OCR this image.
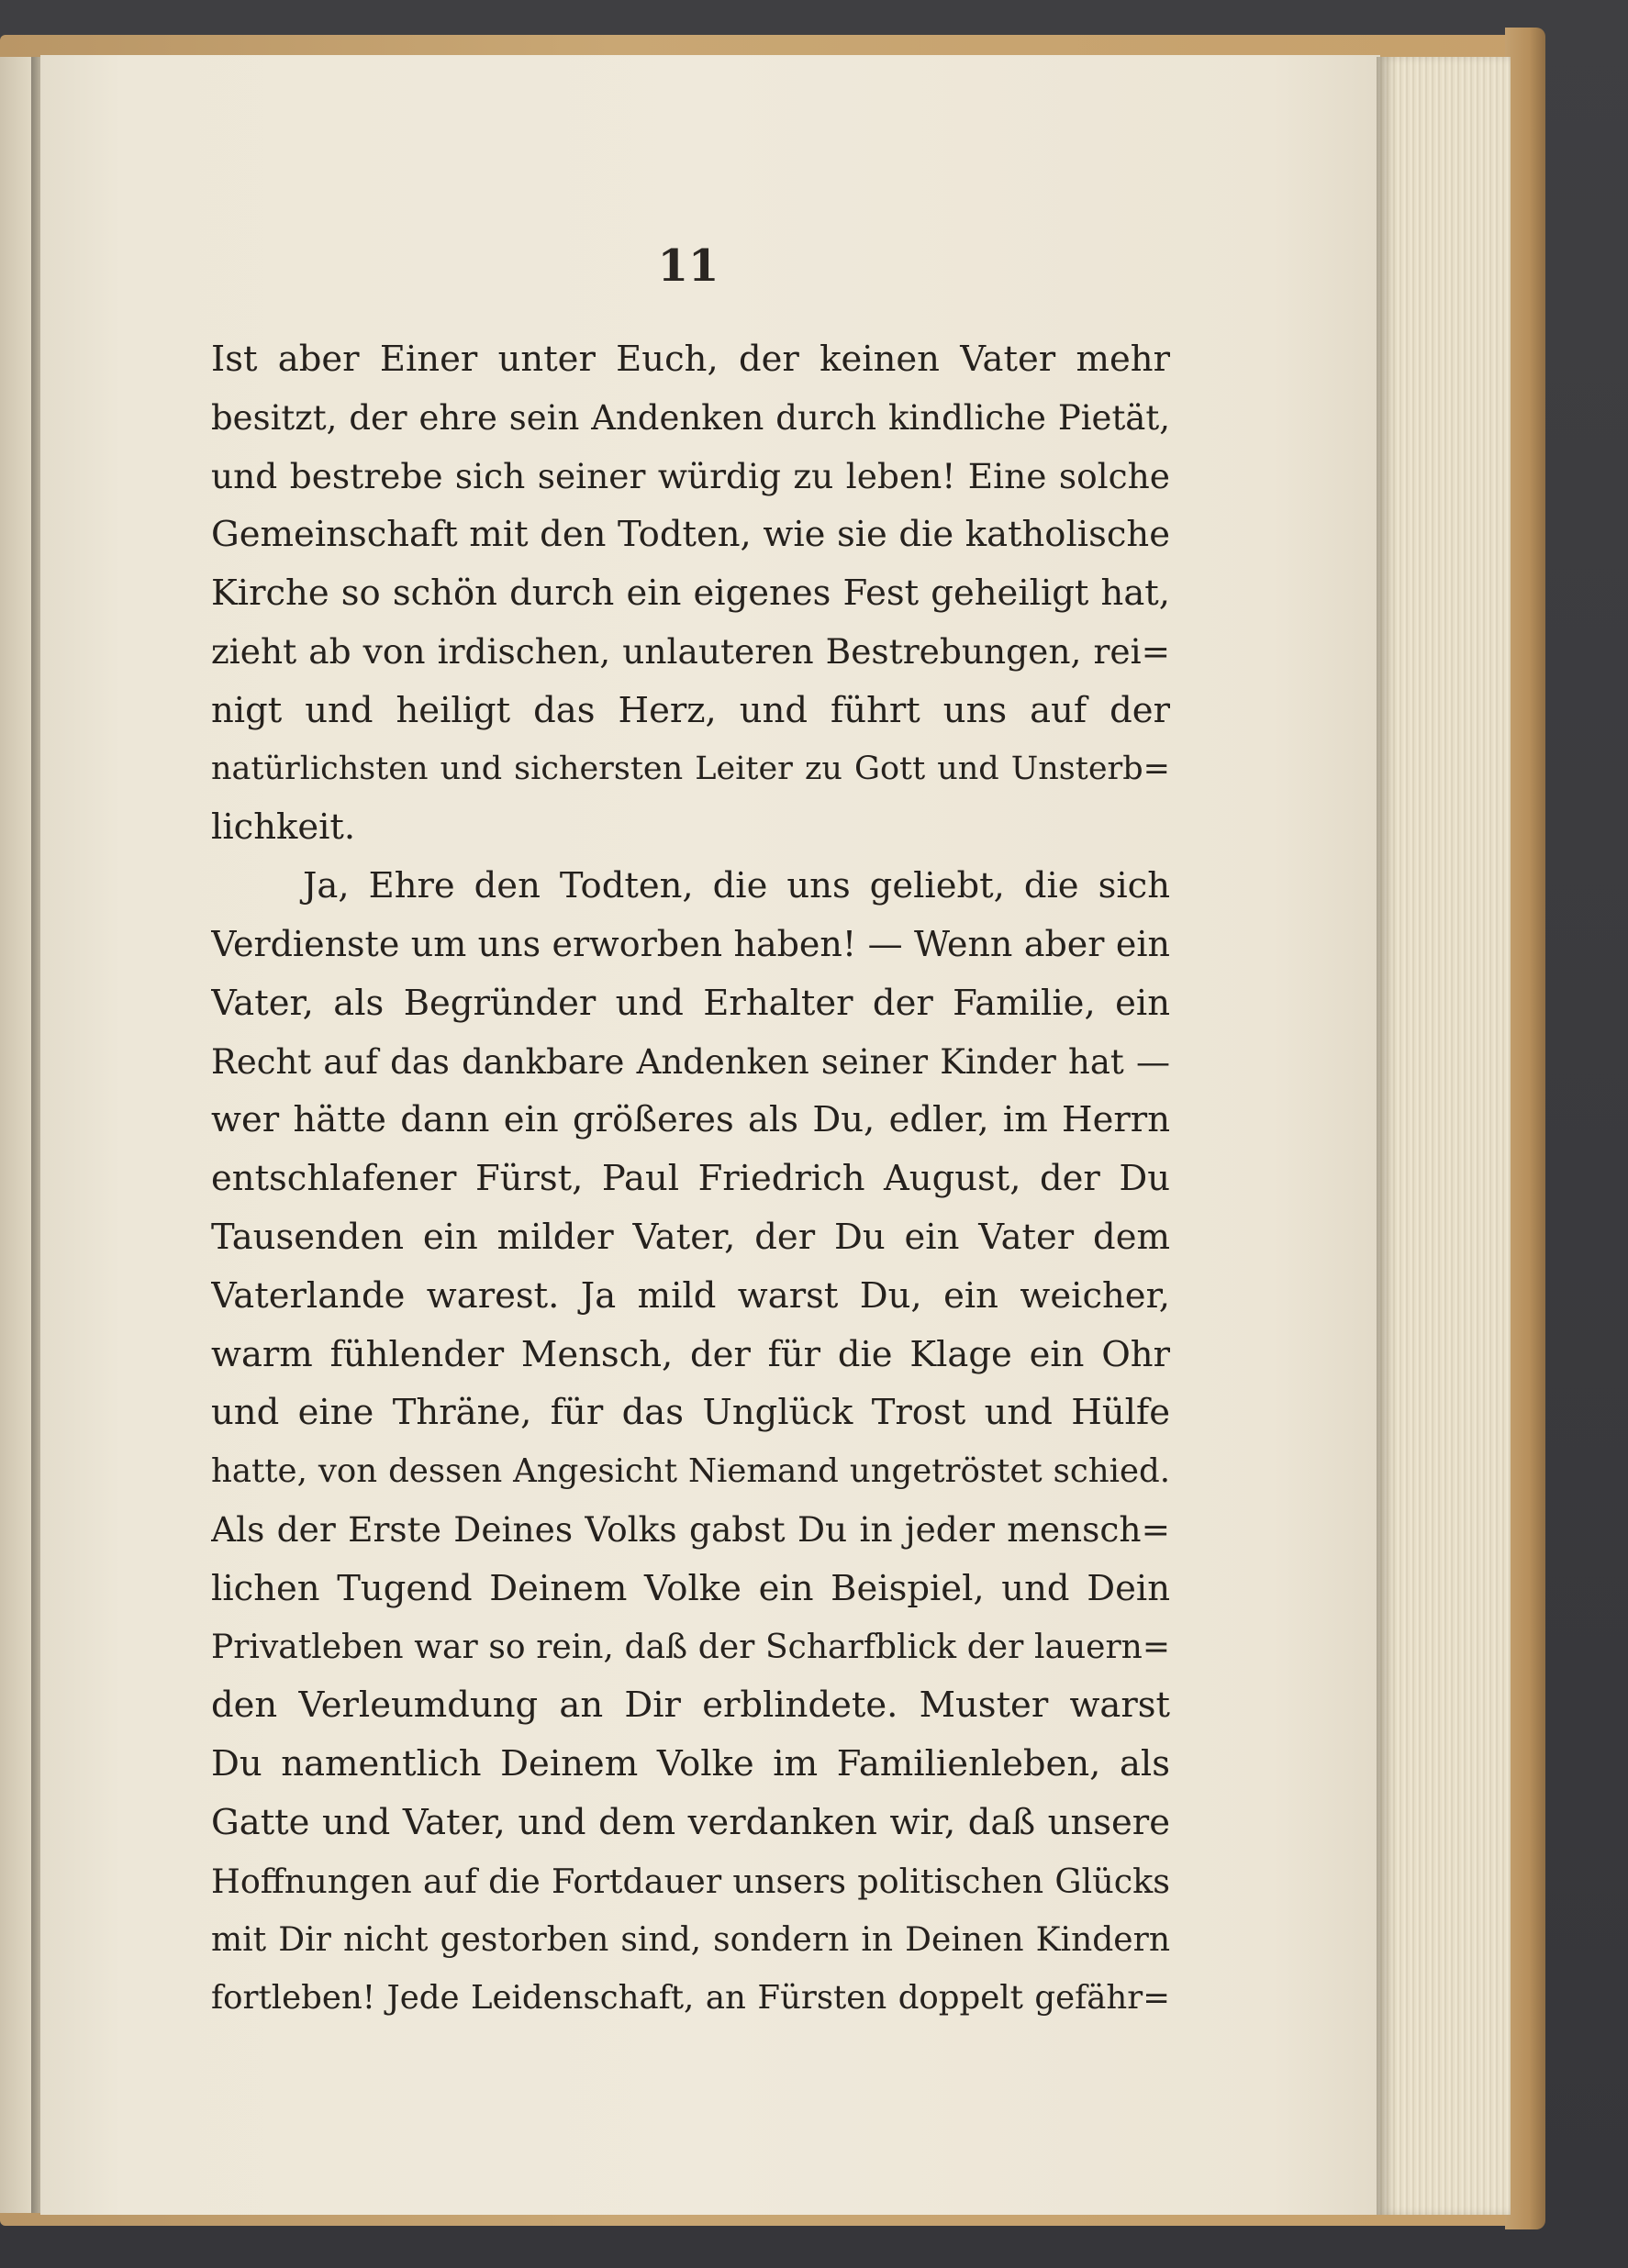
11
Ist aber Einer unter Euch, der keinen Vater mehr
besitzt, der ehre sein Andenken durch kindliche Pietät,
und bestrebe sich seiner würdig zu leben! Eine solche
Gemeinschaft mit den Todten, wie sie die katholische
Kirche so schön durch ein eigenes Fest geheiligt hat,
zieht ab von irdischen, unlauteren Bestrebungen, rei=
nigt und heiligt das Herz, und führt uns auf der
natürlichsten und sichersten Leiter zu Gott und Unsterb=
lichkeit.
Ja, Ehre den Todten, die uns geliebt, die sich
Verdienste um uns erworben haben! — Wenn aber ein
Vater, als Begründer und Erhalter der Familie, ein
Recht auf das dankbare Andenken seiner Kinder hat —
wer hätte dann ein größeres als Du, edler, im Herrn
entschlafener Fürst, Paul Friedrich August, der Du
Tausenden ein milder Vater, der Du ein Vater dem
Vaterlande warest. Ja mild warst Du, ein weicher,
warm fühlender Mensch, der für die Klage ein Ohr
und eine Thräne, für das Unglück Trost und Hülfe
hatte, von dessen Angesicht Niemand ungetröstet schied.
Als der Erste Deines Volks gabst Du in jeder mensch=
lichen Tugend Deinem Volke ein Beispiel, und Dein
Privatleben war so rein, daß der Scharfblick der lauern=
den Verleumdung an Dir erblindete. Muster warst
Du namentlich Deinem Volke im Familienleben, als
Gatte und Vater, und dem verdanken wir, daß unsere
Hoffnungen auf die Fortdauer unsers politischen Glücks
mit Dir nicht gestorben sind, sondern in Deinen Kindern
fortleben! Jede Leidenschaft, an Fürsten doppelt gefähr=
